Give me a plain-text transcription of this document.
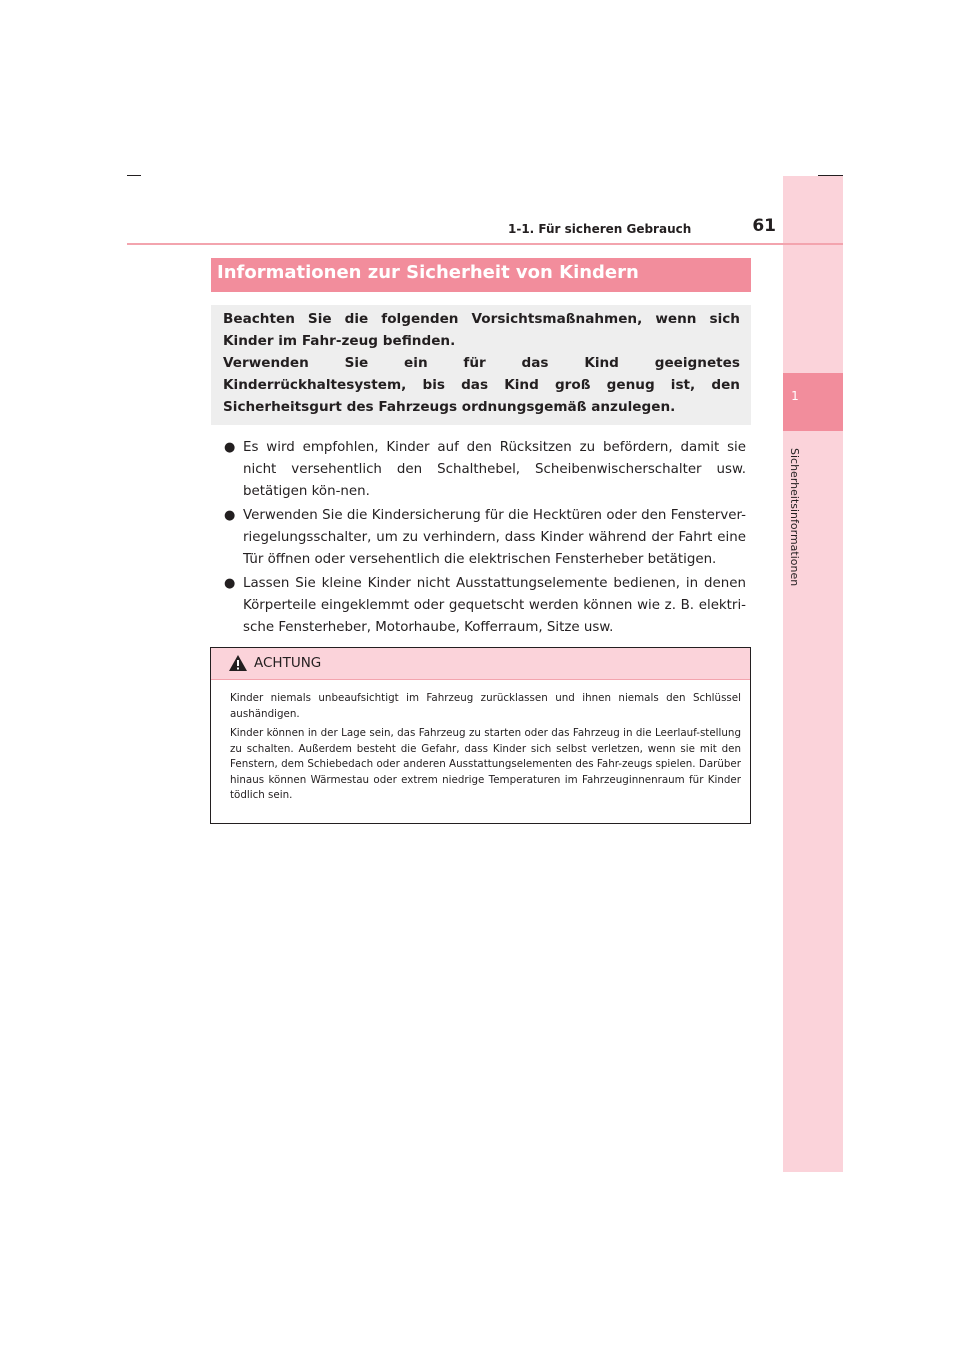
1
Sicherheitsinformationen
1-1. Für sicheren Gebrauch	61
Informationen zur Sicherheit von Kindern

Beachten Sie die folgenden Vorsichtsmaßnahmen, wenn sich Kinder im Fahr-zeug befinden.

Verwenden Sie ein für das Kind geeignetes Kinderrückhaltesystem, bis das Kind groß genug ist, den Sicherheitsgurt des Fahrzeugs ordnungsgemäß anzulegen.

● Es wird empfohlen, Kinder auf den Rücksitzen zu befördern, damit sie nicht versehentlich den Schalthebel, Scheibenwischerschalter usw. betätigen kön-nen.
● Verwenden Sie die Kindersicherung für die Hecktüren oder den Fensterver-riegelungsschalter, um zu verhindern, dass Kinder während der Fahrt eine Tür öffnen oder versehentlich die elektrischen Fensterheber betätigen.
● Lassen Sie kleine Kinder nicht Ausstattungselemente bedienen, in denen Körperteile eingeklemmt oder gequetscht werden können wie z. B. elektri-sche Fensterheber, Motorhaube, Kofferraum, Sitze usw.
ACHTUNG

Kinder niemals unbeaufsichtigt im Fahrzeug zurücklassen und ihnen niemals den Schlüssel aushändigen.

Kinder können in der Lage sein, das Fahrzeug zu starten oder das Fahrzeug in die Leerlauf-stellung zu schalten. Außerdem besteht die Gefahr, dass Kinder sich selbst verletzen, wenn sie mit den Fenstern, dem Schiebedach oder anderen Ausstattungselementen des Fahr-zeugs spielen. Darüber hinaus können Wärmestau oder extrem niedrige Temperaturen im Fahrzeuginnenraum für Kinder tödlich sein.
